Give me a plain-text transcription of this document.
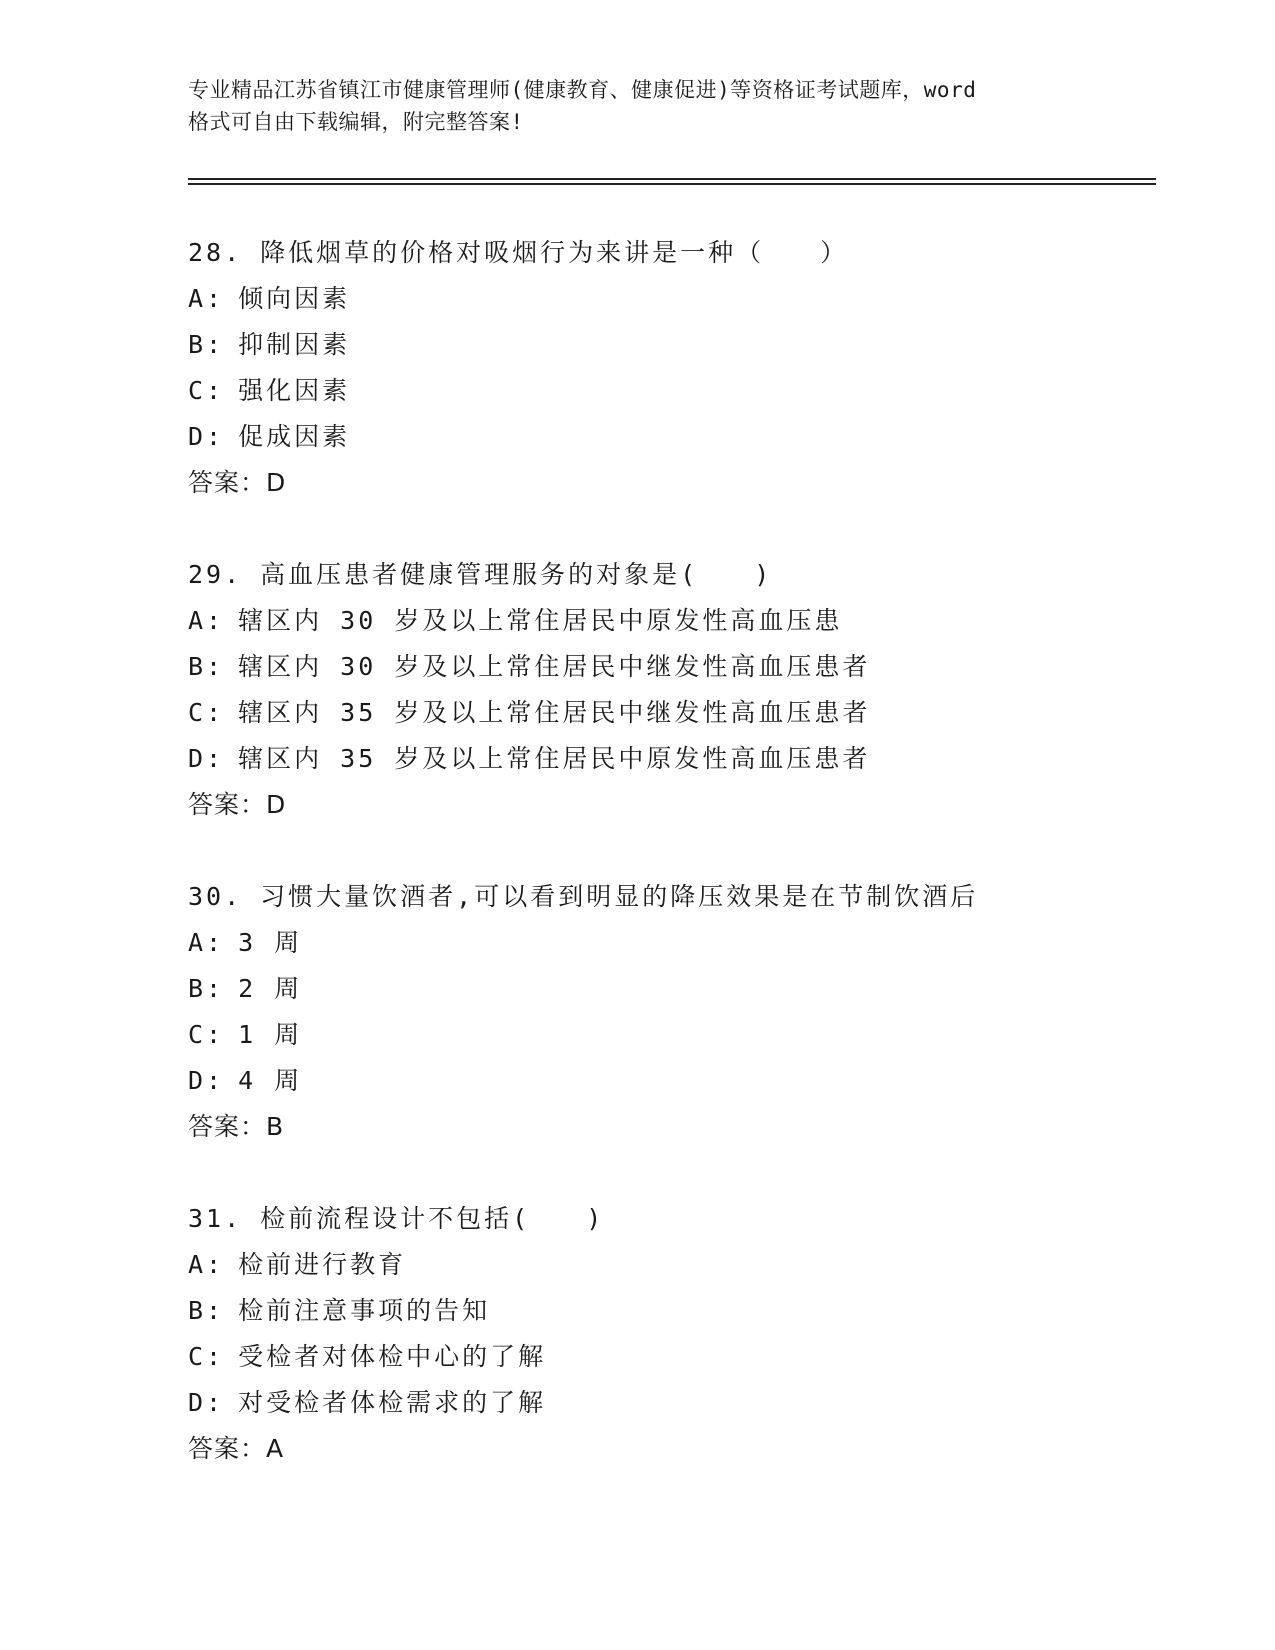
专业精品江苏省镇江市健康管理师(健康教育、健康促进)等资格证考试题库，word
格式可自由下载编辑，附完整答案!
28. 降低烟草的价格对吸烟行为来讲是一种（　　）
A: 倾向因素
B: 抑制因素
C: 强化因素
D: 促成因素
答案：D
29. 高血压患者健康管理服务的对象是(　　)
A: 辖区内 30 岁及以上常住居民中原发性高血压患
B: 辖区内 30 岁及以上常住居民中继发性高血压患者
C: 辖区内 35 岁及以上常住居民中继发性高血压患者
D: 辖区内 35 岁及以上常住居民中原发性高血压患者
答案：D
30. 习惯大量饮酒者,可以看到明显的降压效果是在节制饮酒后
A: 3 周
B: 2 周
C: 1 周
D: 4 周
答案：B
31. 检前流程设计不包括(　　)
A: 检前进行教育
B: 检前注意事项的告知
C: 受检者对体检中心的了解
D: 对受检者体检需求的了解
答案：A
